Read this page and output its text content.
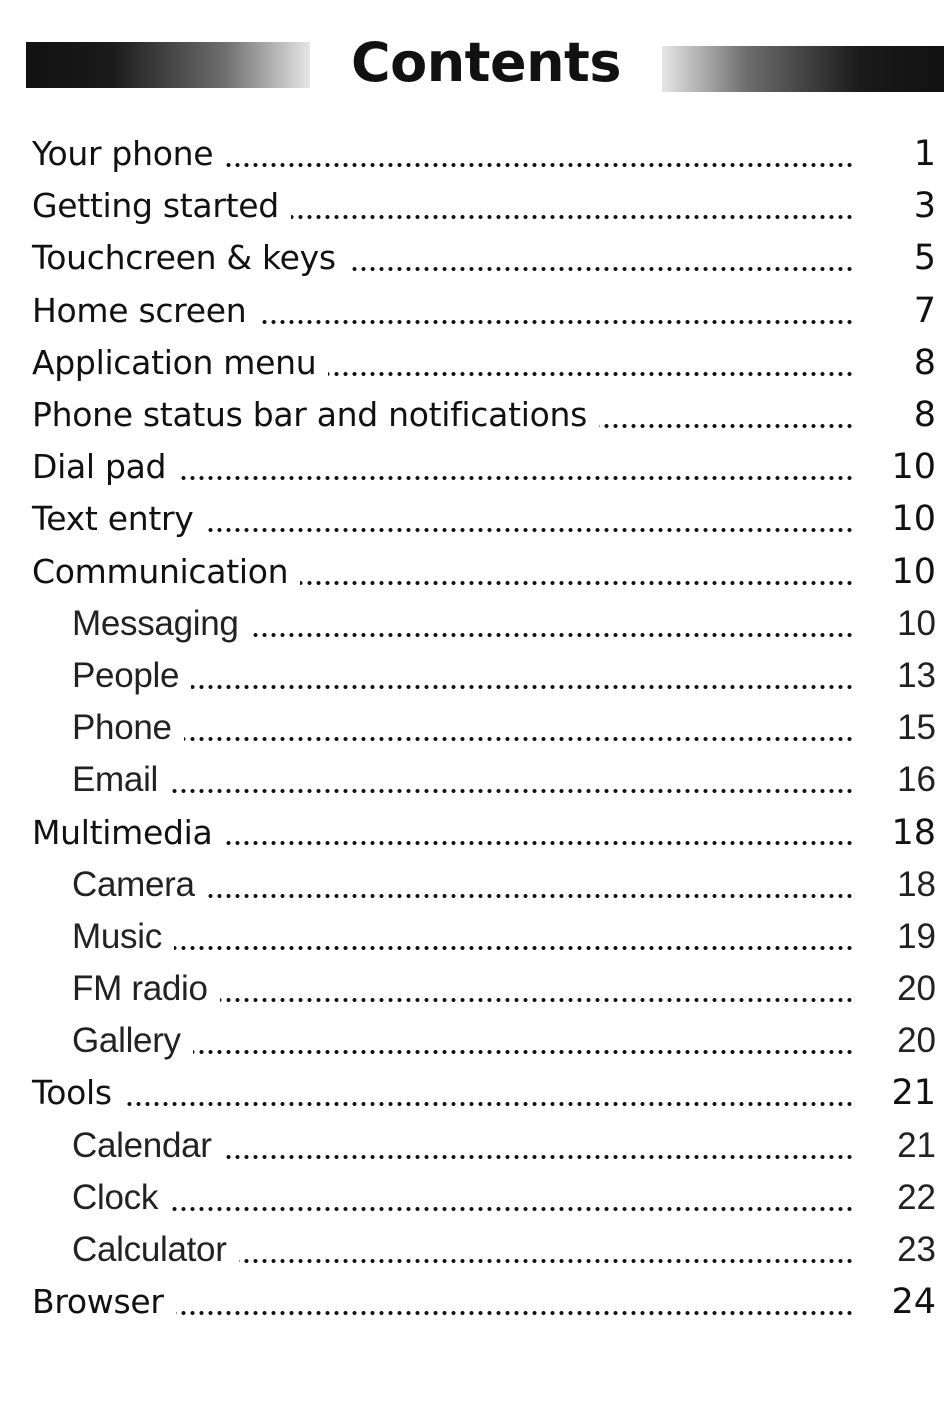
Contents
Your phone	1
Getting started	3
Touchcreen & keys	5
Home screen	7
Application menu	8
Phone status bar and notifications	8
Dial pad	10
Text entry	10
Communication	10
Messaging	10
People	13
Phone	15
Email	16
Multimedia	18
Camera	18
Music	19
FM radio	20
Gallery	20
Tools	21
Calendar	21
Clock	22
Calculator	23
Browser	24
